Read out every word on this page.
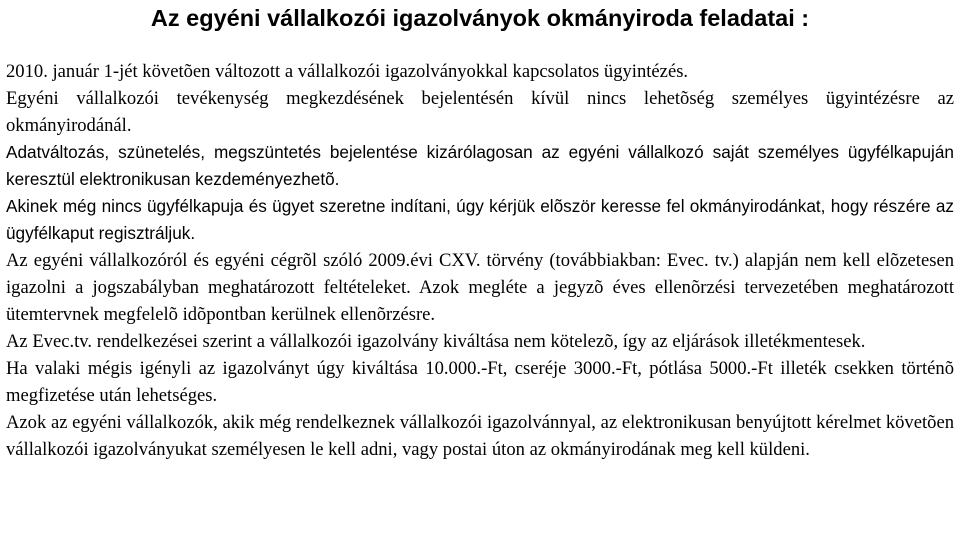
Az egyéni vállalkozói igazolványok okmányiroda feladatai :

2010. január 1-jét követõen változott a vállalkozói igazolványokkal kapcsolatos ügyintézés.

Egyéni vállalkozói tevékenység megkezdésének bejelentésén kívül nincs lehetõség személyes ügyintézésre az okmányirodánál.

Adatváltozás, szünetelés, megszüntetés bejelentése kizárólagosan az egyéni vállalkozó saját személyes ügyfélkapuján keresztül elektronikusan kezdeményezhetõ.

Akinek még nincs ügyfélkapuja és ügyet szeretne indítani, úgy kérjük elõször keresse fel okmányirodánkat, hogy részére az ügyfélkaput regisztráljuk.

Az egyéni vállalkozóról és egyéni cégrõl szóló 2009.évi CXV. törvény (továbbiakban: Evec. tv.) alapján nem kell elõzetesen igazolni a jogszabályban meghatározott feltételeket. Azok megléte a jegyzõ éves ellenõrzési tervezetében meghatározott ütemtervnek megfelelõ idõpontban kerülnek ellenõrzésre.

Az Evec.tv. rendelkezései szerint a vállalkozói igazolvány kiváltása nem kötelezõ, így az eljárások illetékmentesek.

Ha valaki mégis igényli az igazolványt úgy kiváltása 10.000.-Ft, cseréje 3000.-Ft, pótlása 5000.-Ft illeték csekken történõ megfizetése után lehetséges.

Azok az egyéni vállalkozók, akik még rendelkeznek vállalkozói igazolvánnyal, az elektronikusan benyújtott kérelmet követõen vállalkozói igazolványukat személyesen le kell adni, vagy postai úton az okmányirodának meg kell küldeni.
